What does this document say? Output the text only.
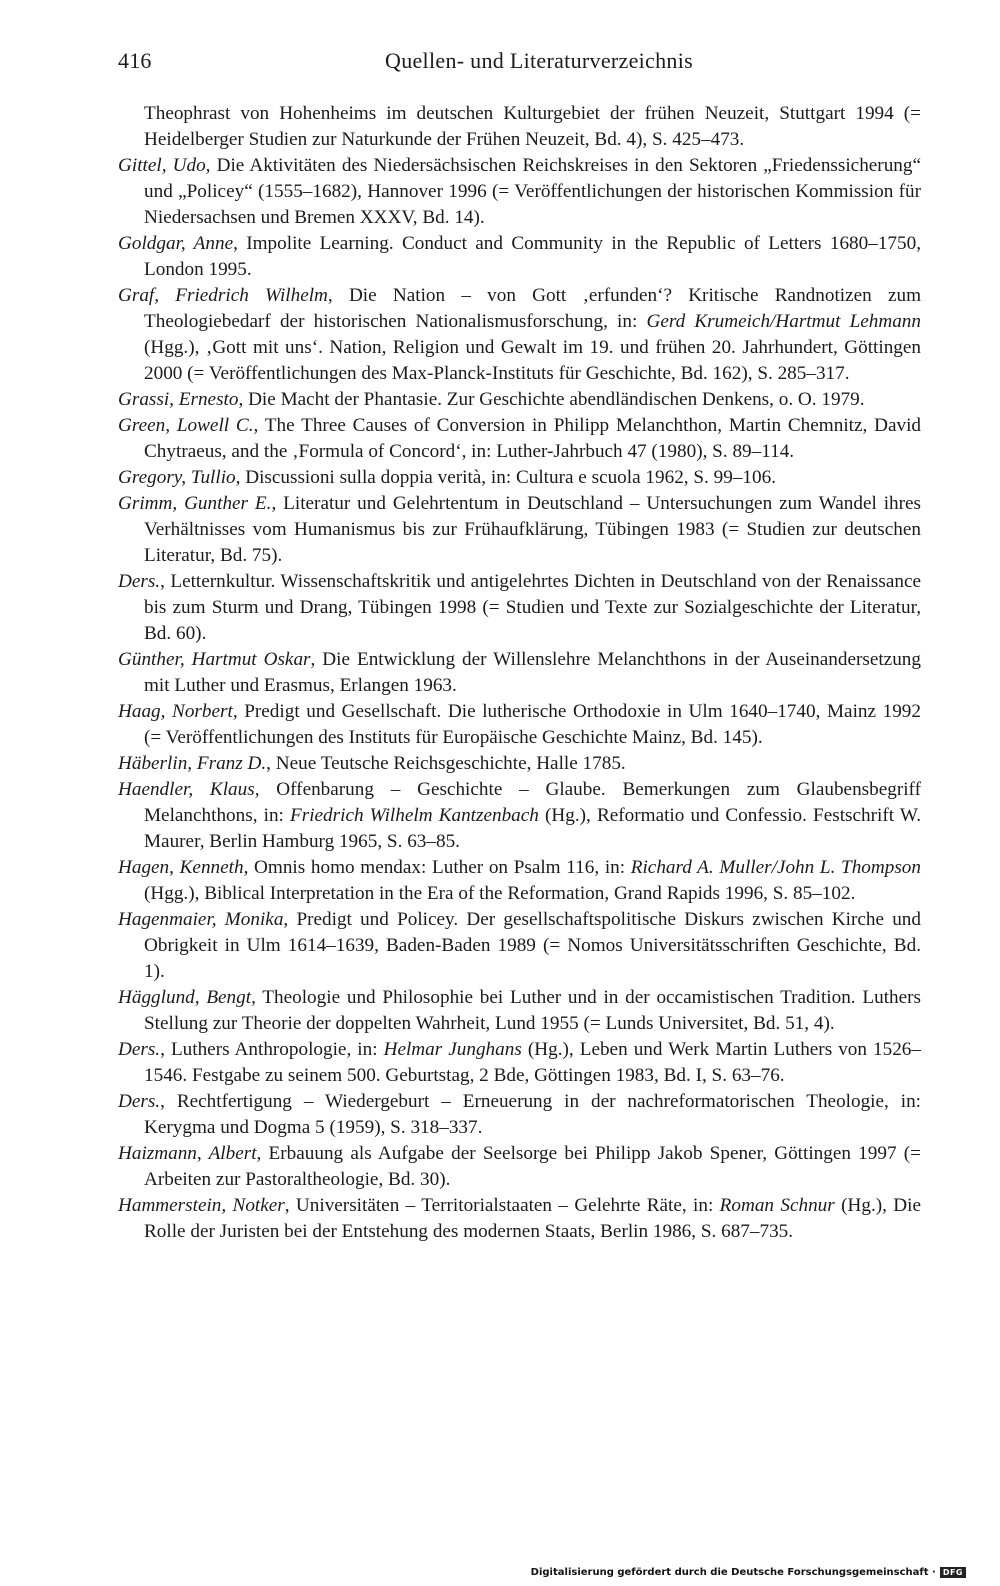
416	Quellen- und Literaturverzeichnis

Theophrast von Hohenheims im deutschen Kulturgebiet der frühen Neuzeit, Stuttgart 1994 (= Heidelberger Studien zur Naturkunde der Frühen Neuzeit, Bd. 4), S. 425–473.

Gittel, Udo, Die Aktivitäten des Niedersächsischen Reichskreises in den Sektoren „Friedenssicherung“ und „Policey“ (1555–1682), Hannover 1996 (= Veröffentlichungen der historischen Kommission für Niedersachsen und Bremen XXXV, Bd. 14).

Goldgar, Anne, Impolite Learning. Conduct and Community in the Republic of Letters 1680–1750, London 1995.

Graf, Friedrich Wilhelm, Die Nation – von Gott ‚erfunden‘? Kritische Randnotizen zum Theologiebedarf der historischen Nationalismusforschung, in: Gerd Krumeich/Hartmut Lehmann (Hgg.), ‚Gott mit uns‘. Nation, Religion und Gewalt im 19. und frühen 20. Jahrhundert, Göttingen 2000 (= Veröffentlichungen des Max-Planck-Instituts für Geschichte, Bd. 162), S. 285–317.

Grassi, Ernesto, Die Macht der Phantasie. Zur Geschichte abendländischen Denkens, o. O. 1979.

Green, Lowell C., The Three Causes of Conversion in Philipp Melanchthon, Martin Chemnitz, David Chytraeus, and the ‚Formula of Concord‘, in: Luther-Jahrbuch 47 (1980), S. 89–114.

Gregory, Tullio, Discussioni sulla doppia verità, in: Cultura e scuola 1962, S. 99–106.

Grimm, Gunther E., Literatur und Gelehrtentum in Deutschland – Untersuchungen zum Wandel ihres Verhältnisses vom Humanismus bis zur Frühaufklärung, Tübingen 1983 (= Studien zur deutschen Literatur, Bd. 75).

Ders., Letternkultur. Wissenschaftskritik und antigelehrtes Dichten in Deutschland von der Renaissance bis zum Sturm und Drang, Tübingen 1998 (= Studien und Texte zur Sozialgeschichte der Literatur, Bd. 60).

Günther, Hartmut Oskar, Die Entwicklung der Willenslehre Melanchthons in der Auseinandersetzung mit Luther und Erasmus, Erlangen 1963.

Haag, Norbert, Predigt und Gesellschaft. Die lutherische Orthodoxie in Ulm 1640–1740, Mainz 1992 (= Veröffentlichungen des Instituts für Europäische Geschichte Mainz, Bd. 145).

Häberlin, Franz D., Neue Teutsche Reichsgeschichte, Halle 1785.

Haendler, Klaus, Offenbarung – Geschichte – Glaube. Bemerkungen zum Glaubensbegriff Melanchthons, in: Friedrich Wilhelm Kantzenbach (Hg.), Reformatio und Confessio. Festschrift W. Maurer, Berlin Hamburg 1965, S. 63–85.

Hagen, Kenneth, Omnis homo mendax: Luther on Psalm 116, in: Richard A. Muller/John L. Thompson (Hgg.), Biblical Interpretation in the Era of the Reformation, Grand Rapids 1996, S. 85–102.

Hagenmaier, Monika, Predigt und Policey. Der gesellschaftspolitische Diskurs zwischen Kirche und Obrigkeit in Ulm 1614–1639, Baden-Baden 1989 (= Nomos Universitätsschriften Geschichte, Bd. 1).

Hägglund, Bengt, Theologie und Philosophie bei Luther und in der occamistischen Tradition. Luthers Stellung zur Theorie der doppelten Wahrheit, Lund 1955 (= Lunds Universitet, Bd. 51, 4).

Ders., Luthers Anthropologie, in: Helmar Junghans (Hg.), Leben und Werk Martin Luthers von 1526–1546. Festgabe zu seinem 500. Geburtstag, 2 Bde, Göttingen 1983, Bd. I, S. 63–76.

Ders., Rechtfertigung – Wiedergeburt – Erneuerung in der nachreformatorischen Theologie, in: Kerygma und Dogma 5 (1959), S. 318–337.

Haizmann, Albert, Erbauung als Aufgabe der Seelsorge bei Philipp Jakob Spener, Göttingen 1997 (= Arbeiten zur Pastoraltheologie, Bd. 30).

Hammerstein, Notker, Universitäten – Territorialstaaten – Gelehrte Räte, in: Roman Schnur (Hg.), Die Rolle der Juristen bei der Entstehung des modernen Staats, Berlin 1986, S. 687–735.

Digitalisierung gefördert durch die Deutsche Forschungsgemeinschaft · DFG
